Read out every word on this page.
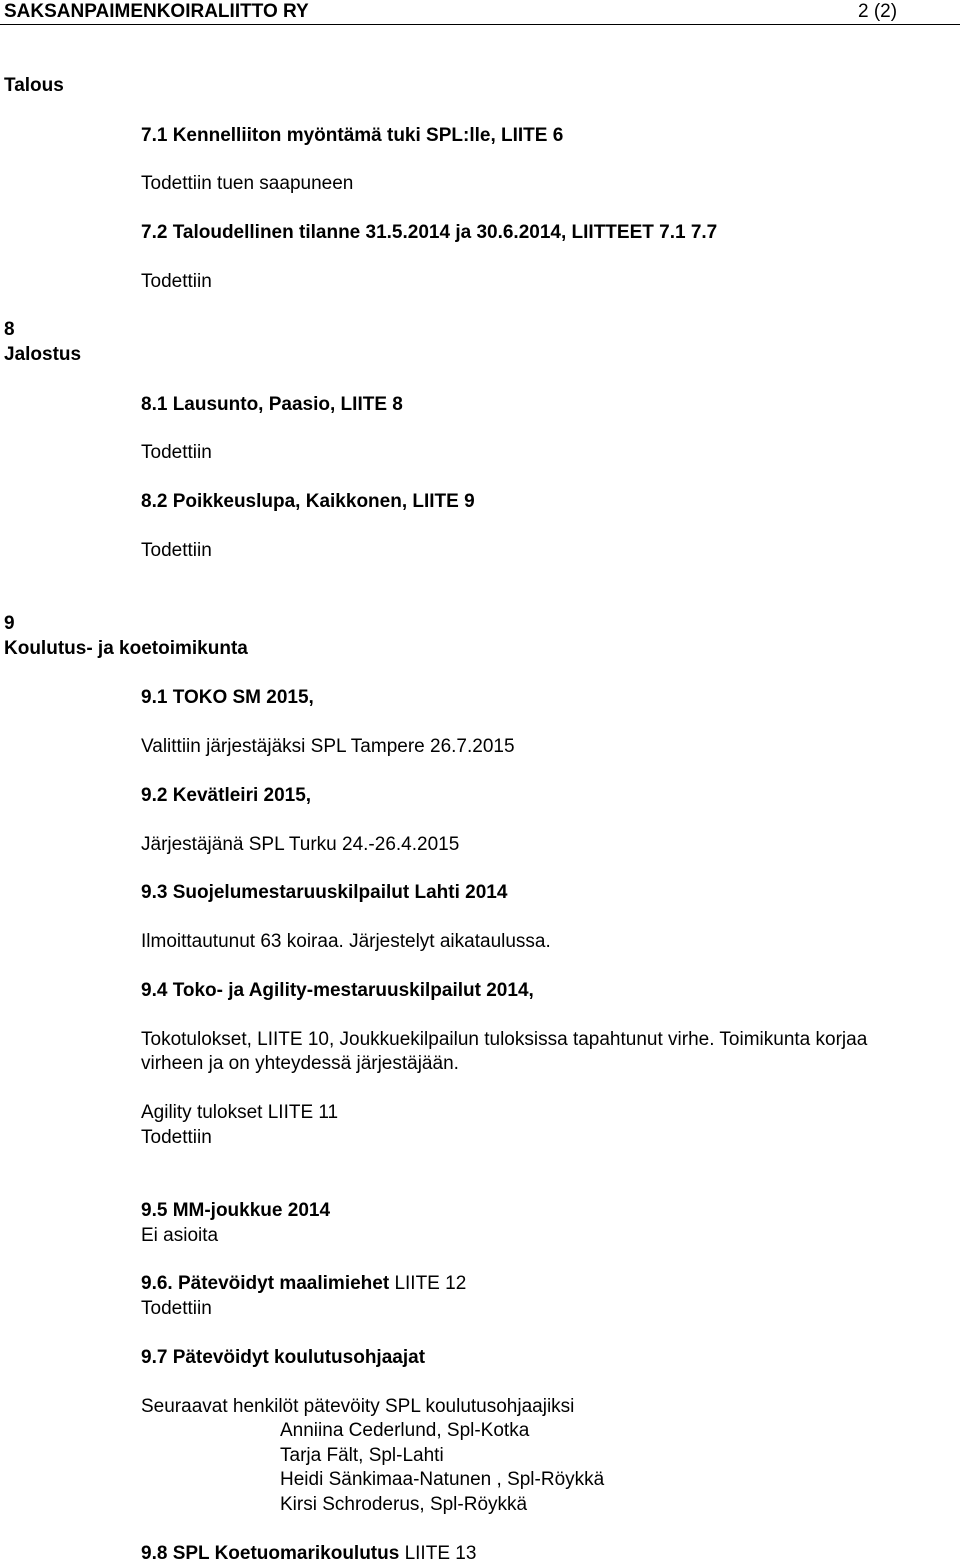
SAKSANPAIMENKOIRALIITTO RY	2 (2)
Talous
7.1 Kennelliiton myöntämä tuki SPL:lle, LIITE 6
Todettiin tuen saapuneen
7.2 Taloudellinen tilanne 31.5.2014 ja 30.6.2014, LIITTEET 7.1 7.7
Todettiin
8
Jalostus
8.1 Lausunto, Paasio, LIITE 8
Todettiin
8.2 Poikkeuslupa, Kaikkonen, LIITE 9
Todettiin
9
Koulutus- ja koetoimikunta
9.1 TOKO SM 2015,
Valittiin järjestäjäksi SPL Tampere 26.7.2015
9.2 Kevätleiri 2015,
Järjestäjänä SPL Turku 24.-26.4.2015
9.3 Suojelumestaruuskilpailut Lahti 2014
Ilmoittautunut 63 koiraa. Järjestelyt aikataulussa.
9.4 Toko- ja Agility-mestaruuskilpailut 2014,
Tokotulokset, LIITE 10, Joukkuekilpailun tuloksissa tapahtunut virhe. Toimikunta korjaa
virheen ja on yhteydessä järjestäjään.
Agility tulokset LIITE 11
Todettiin
9.5 MM-joukkue 2014
Ei asioita
9.6. Pätevöidyt maalimiehet LIITE 12
Todettiin
9.7 Pätevöidyt koulutusohjaajat
Seuraavat henkilöt pätevöity SPL koulutusohjaajiksi
Anniina Cederlund, Spl-Kotka
Tarja Fält, Spl-Lahti
Heidi Sänkimaa-Natunen , Spl-Röykkä
Kirsi Schroderus, Spl-Röykkä
9.8 SPL Koetuomarikoulutus LIITE 13
